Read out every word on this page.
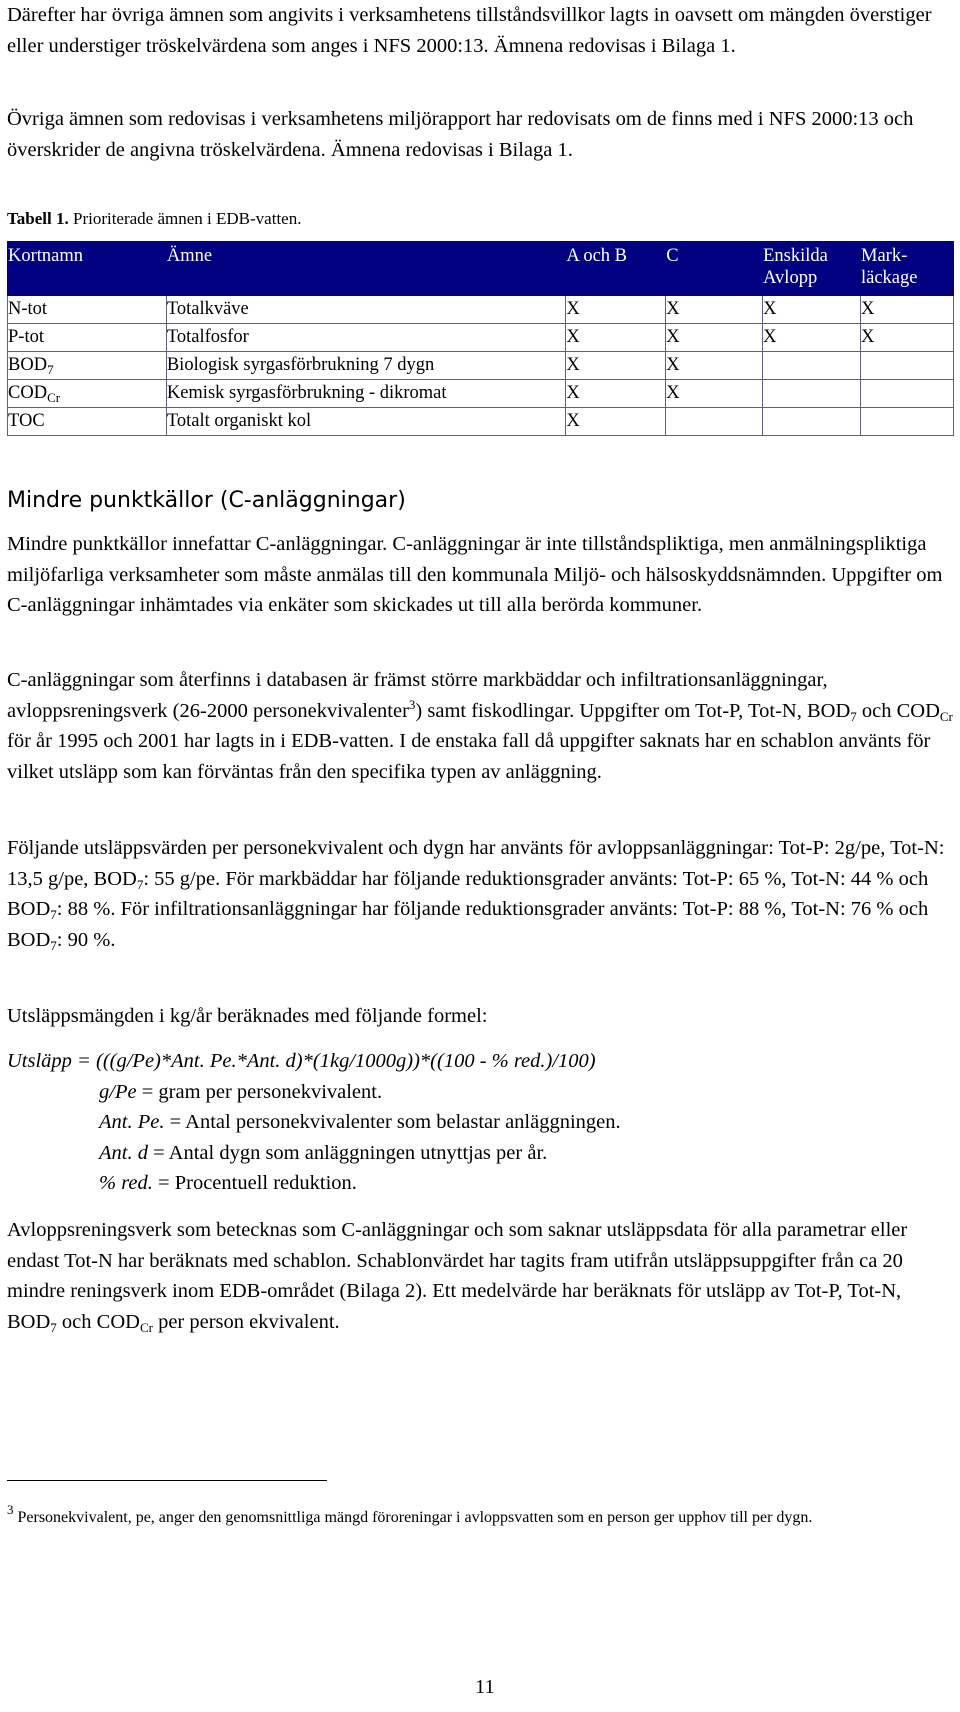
Därefter har övriga ämnen som angivits i verksamhetens tillståndsvillkor lagts in oavsett om mängden överstiger eller understiger tröskelvärdena som anges i NFS 2000:13. Ämnena redovisas i Bilaga 1.

Övriga ämnen som redovisas i verksamhetens miljörapport har redovisats om de finns med i NFS 2000:13 och överskrider de angivna tröskelvärdena. Ämnena redovisas i Bilaga 1.

Tabell 1. Prioriterade ämnen i EDB-vatten.
Kortnamn	Ämne	A och B	C	Enskilda Avlopp	Mark-läckage
N-tot	Totalkväve	X	X	X	X
P-tot	Totalfosfor	X	X	X	X
$BOD_7$	Biologisk syrgasförbrukning 7 dygn	X	X		
$COD_{Cr}$	Kemisk syrgasförbrukning - dikromat	X	X		
TOC	Totalt organiskt kol	X			
Mindre punktkällor (C-anläggningar)

Mindre punktkällor innefattar C-anläggningar. C-anläggningar är inte tillståndspliktiga, men anmälningspliktiga miljöfarliga verksamheter som måste anmälas till den kommunala Miljö- och hälsoskyddsnämnden. Uppgifter om C-anläggningar inhämtades via enkäter som skickades ut till alla berörda kommuner.

C-anläggningar som återfinns i databasen är främst större markbäddar och infiltrationsanläggningar, avloppsreningsverk (26-2000 personekvivalenter$^3$) samt fiskodlingar. Uppgifter om Tot-P, Tot-N, $BOD_7$ och $COD_{Cr}$ för år 1995 och 2001 har lagts in i EDB-vatten. I de enstaka fall då uppgifter saknats har en schablon använts för vilket utsläpp som kan förväntas från den specifika typen av anläggning.

Följande utsläppsvärden per personekvivalent och dygn har använts för avloppsanläggningar: Tot-P: 2g/pe, Tot-N: 13,5 g/pe, $BOD_7$: 55 g/pe. För markbäddar har följande reduktionsgrader använts: Tot-P: 65 %, Tot-N: 44 % och $BOD_7$: 88 %. För infiltrationsanläggningar har följande reduktionsgrader använts: Tot-P: 88 %, Tot-N: 76 % och $BOD_7$: 90 %.

Utsläppsmängden i kg/år beräknades med följande formel:

Utsläpp = (((g/Pe)*Ant. Pe.*Ant. d)*(1kg/1000g))*((100 - % red.)/100)
g/Pe = gram per personekvivalent.
Ant. Pe. = Antal personekvivalenter som belastar anläggningen.
Ant. d = Antal dygn som anläggningen utnyttjas per år.
% red. = Procentuell reduktion.

Avloppsreningsverk som betecknas som C-anläggningar och som saknar utsläppsdata för alla parametrar eller endast Tot-N har beräknats med schablon. Schablonvärdet har tagits fram utifrån utsläppsuppgifter från ca 20 mindre reningsverk inom EDB-området (Bilaga 2). Ett medelvärde har beräknats för utsläpp av Tot-P, Tot-N, $BOD_7$ och $COD_{Cr}$ per person ekvivalent.

$^3$ Personekvivalent, pe, anger den genomsnittliga mängd föroreningar i avloppsvatten som en person ger upphov till per dygn.
11
